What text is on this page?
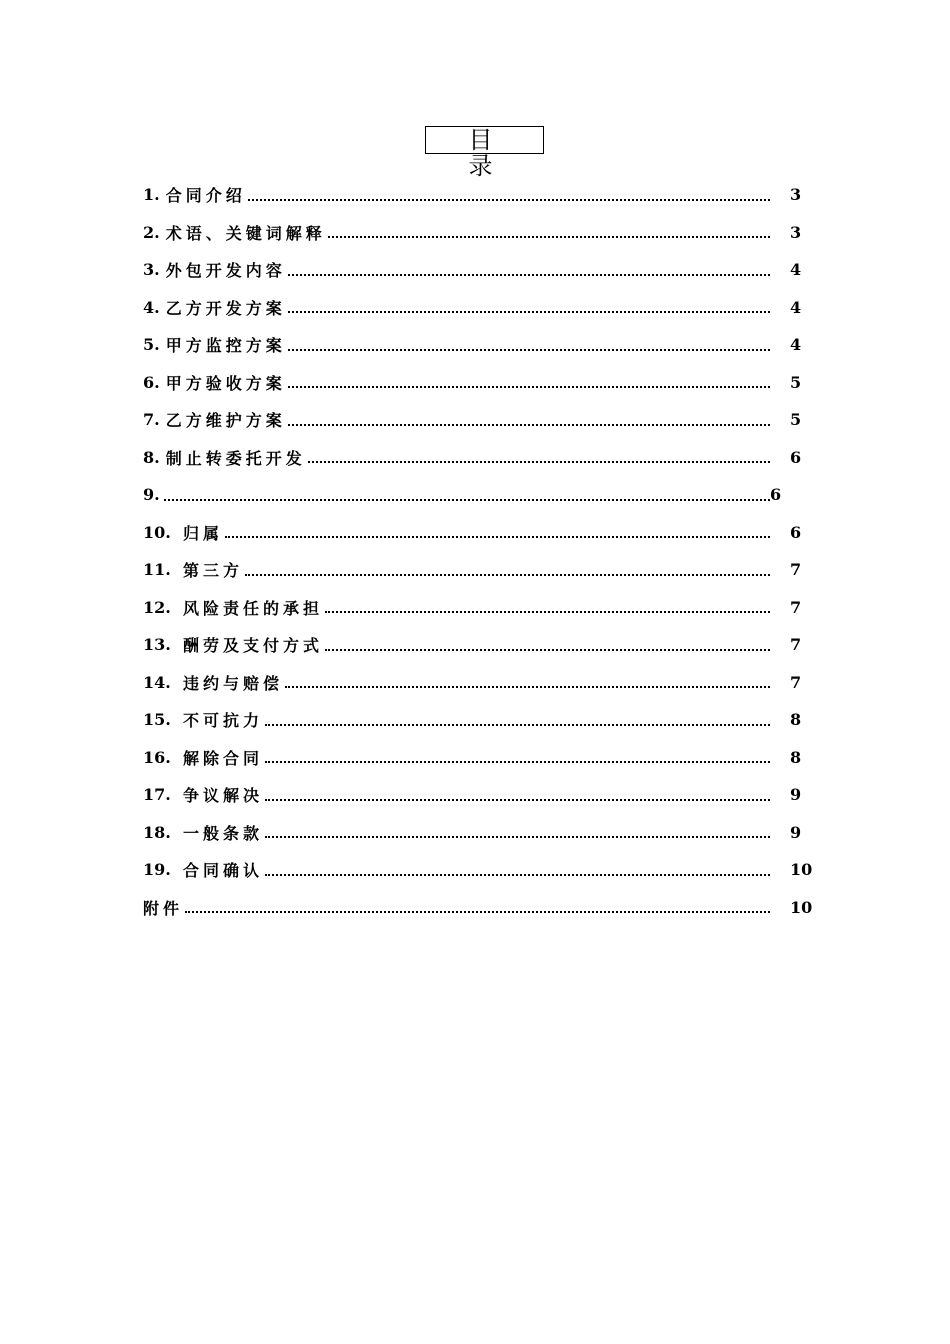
目 录
1. 合同介绍	3
2. 术语、关键词解释	3
3. 外包开发内容	4
4. 乙方开发方案	4
5. 甲方监控方案	4
6. 甲方验收方案	5
7. 乙方维护方案	5
8. 制止转委托开发	6
9.	6
10. 归属	6
11. 第三方	7
12. 风险责任的承担	7
13. 酬劳及支付方式	7
14. 违约与赔偿	7
15. 不可抗力	8
16. 解除合同	8
17. 争议解决	9
18. 一般条款	9
19. 合同确认	10
附件	10
